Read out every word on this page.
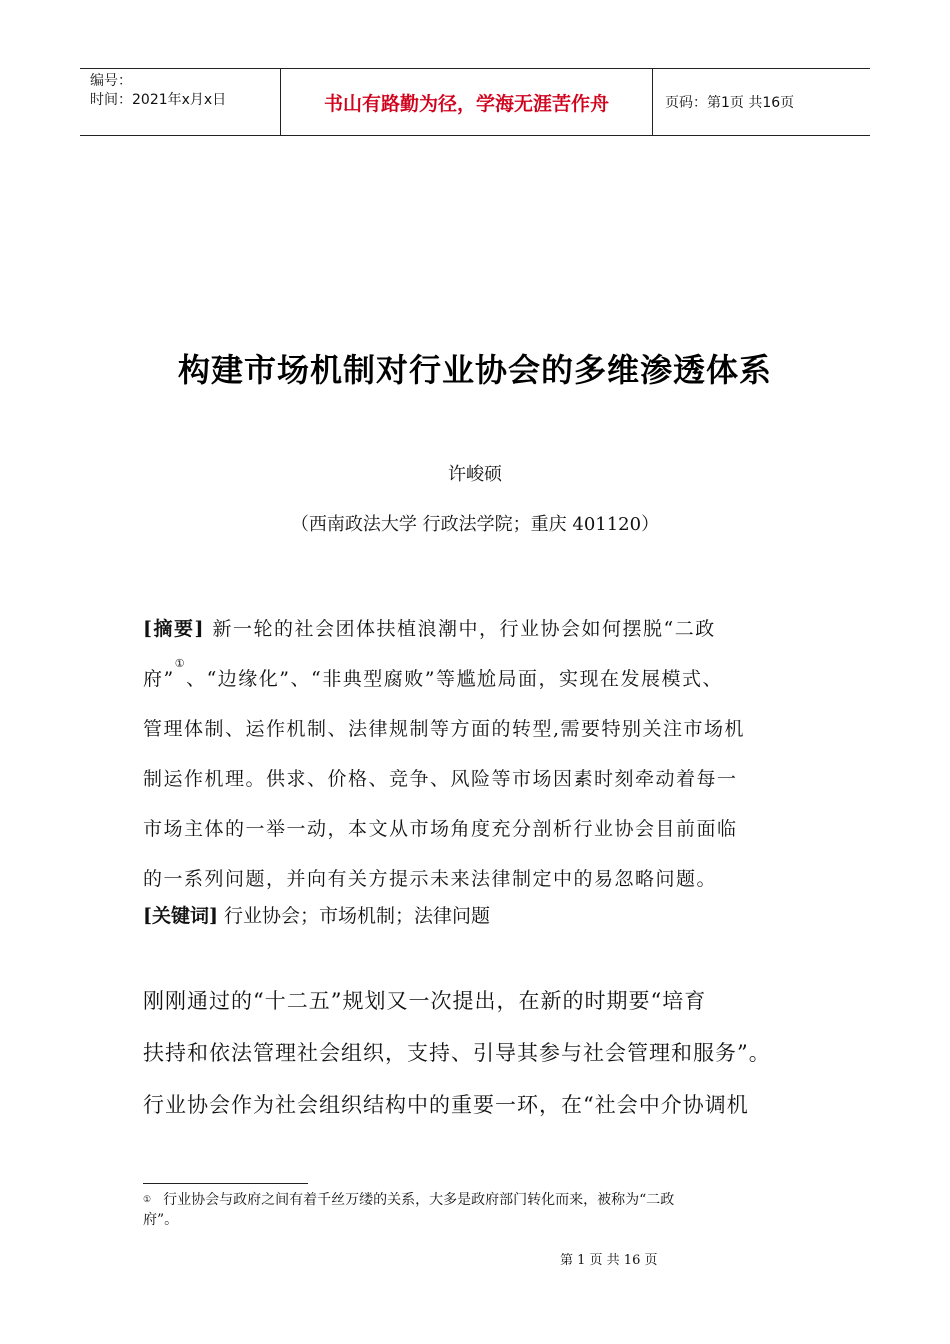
编号：
时间：2021年x月x日	书山有路勤为径，学海无涯苦作舟	页码：第1页 共16页
构建市场机制对行业协会的多维渗透体系
许峻硕
（西南政法大学 行政法学院；重庆 401120）
[摘要] 新一轮的社会团体扶植浪潮中，行业协会如何摆脱“二政
府”①、“边缘化”、“非典型腐败”等尴尬局面，实现在发展模式、
管理体制、运作机制、法律规制等方面的转型,需要特别关注市场机
制运作机理。供求、价格、竞争、风险等市场因素时刻牵动着每一
市场主体的一举一动，本文从市场角度充分剖析行业协会目前面临
的一系列问题，并向有关方提示未来法律制定中的易忽略问题。
[关键词] 行业协会；市场机制；法律问题
刚刚通过的“十二五”规划又一次提出，在新的时期要“培育
扶持和依法管理社会组织，支持、引导其参与社会管理和服务”。
行业协会作为社会组织结构中的重要一环，在“社会中介协调机
① 行业协会与政府之间有着千丝万缕的关系，大多是政府部门转化而来，被称为“二政
府”。
第 1 页 共 16 页
